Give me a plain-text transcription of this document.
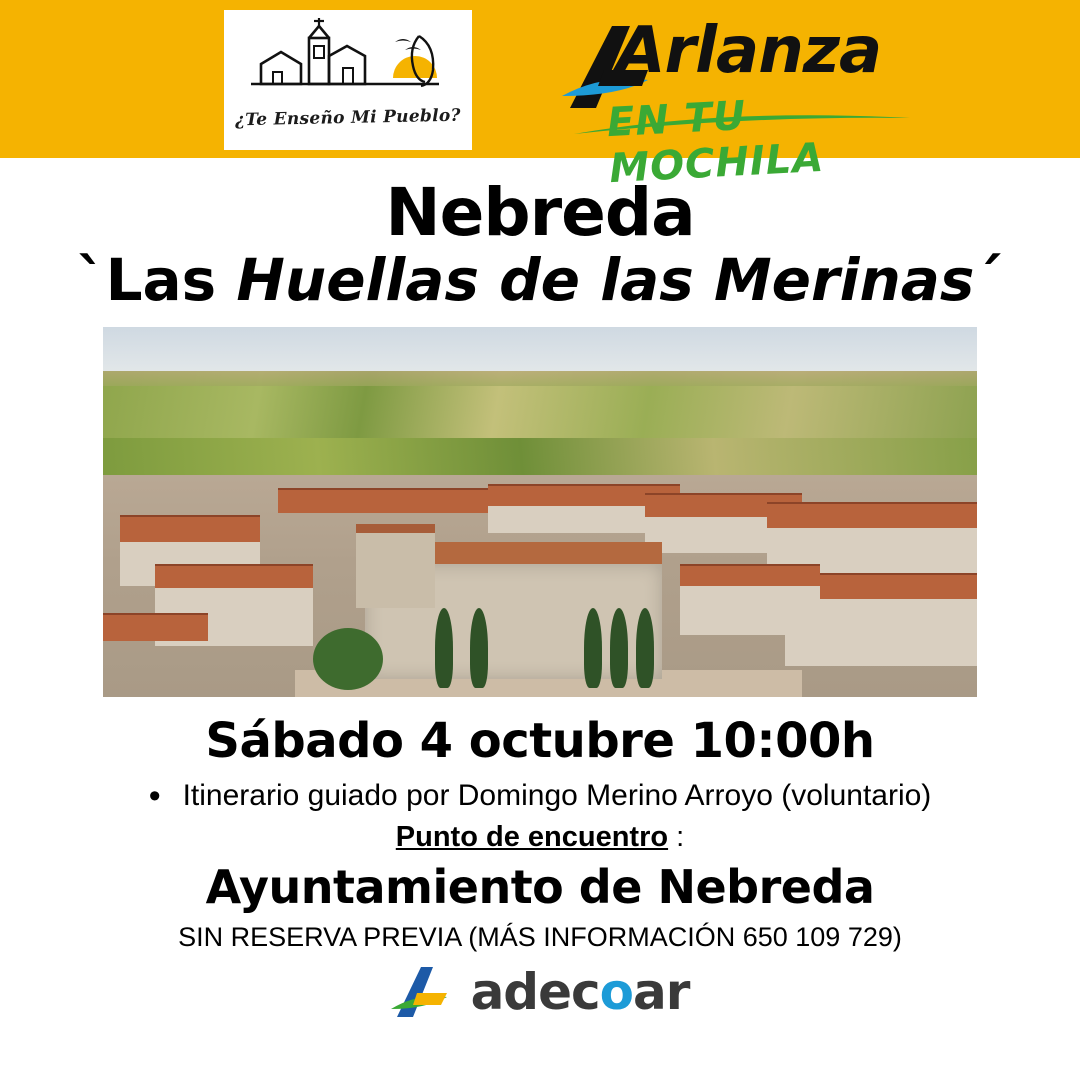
¿Te Enseño Mi Pueblo?
Arlanza
EN TU MOCHILA
Nebreda
`Las Huellas de las Merinas´
Sábado 4 octubre 10:00h
• Itinerario guiado por Domingo Merino Arroyo (voluntario)
Punto de encuentro :
Ayuntamiento de Nebreda
SIN RESERVA PREVIA (MÁS INFORMACIÓN 650 109 729)
adec o ar
